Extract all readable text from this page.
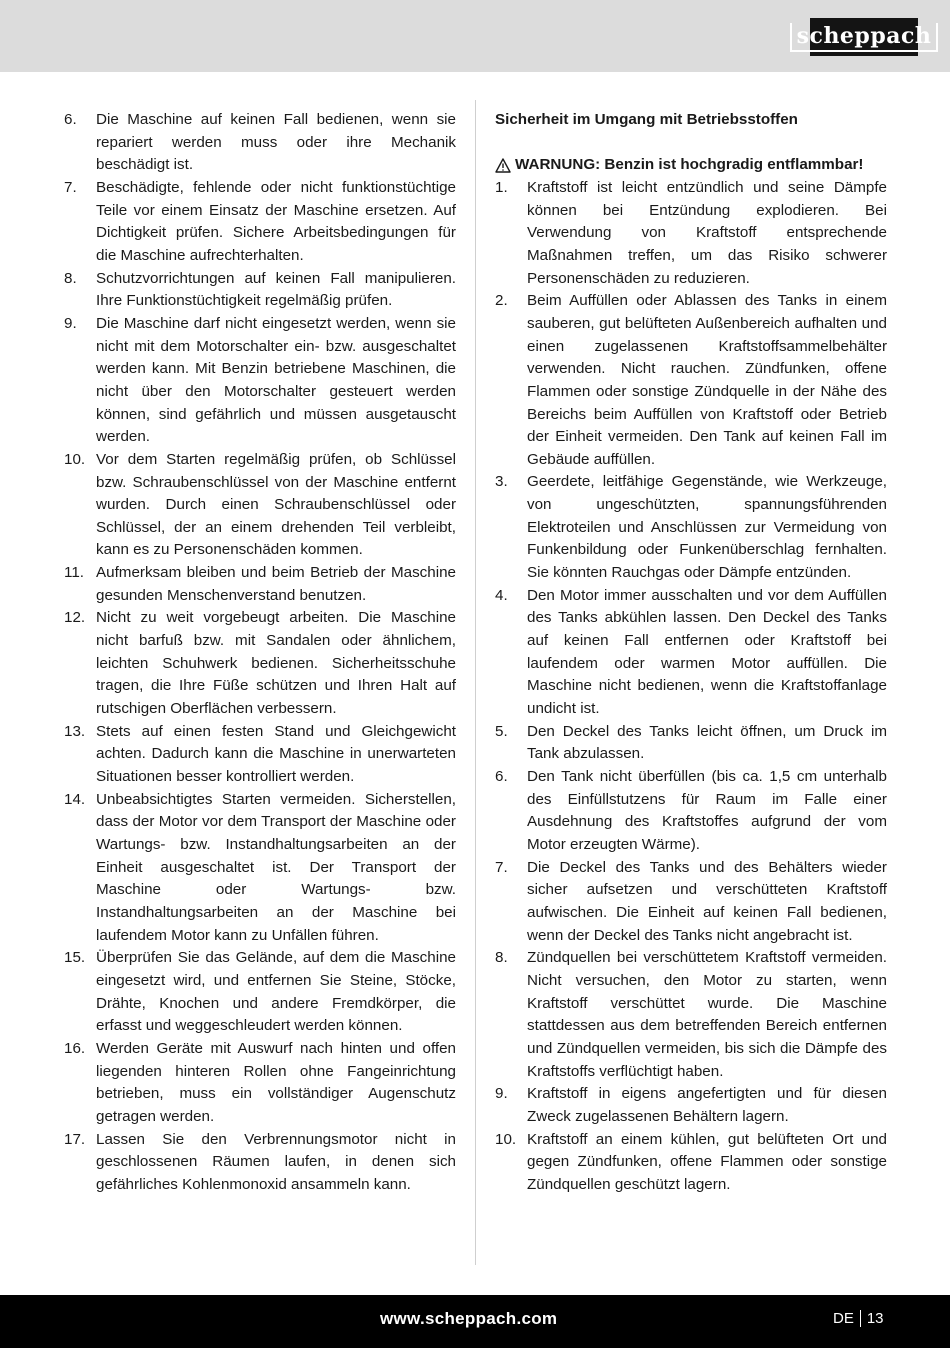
scheppach
6.	Die Maschine auf keinen Fall bedienen, wenn sie repariert werden muss oder ihre Mechanik beschädigt ist.
7.	Beschädigte, fehlende oder nicht funktionstüchtige Teile vor einem Einsatz der Maschine ersetzen. Auf Dichtigkeit prüfen. Sichere Arbeitsbedingungen für die Maschine aufrechterhalten.
8.	Schutzvorrichtungen auf keinen Fall manipulieren. Ihre Funktionstüchtigkeit regelmäßig prüfen.
9.	Die Maschine darf nicht eingesetzt werden, wenn sie nicht mit dem Motorschalter ein- bzw. ausgeschaltet werden kann. Mit Benzin betriebene Maschinen, die nicht über den Motorschalter gesteuert werden können, sind gefährlich und müssen ausgetauscht werden.
10. Vor dem Starten regelmäßig prüfen, ob Schlüssel bzw. Schraubenschlüssel von der Maschine entfernt wurden. Durch einen Schraubenschlüssel oder Schlüssel, der an einem drehenden Teil verbleibt, kann es zu Personenschäden kommen.
11. Aufmerksam bleiben und beim Betrieb der Maschine gesunden Menschenverstand benutzen.
12. Nicht zu weit vorgebeugt arbeiten. Die Maschine nicht barfuß bzw. mit Sandalen oder ähnlichem, leichten Schuhwerk bedienen. Sicherheitsschuhe tragen, die Ihre Füße schützen und Ihren Halt auf rutschigen Oberflächen verbessern.
13. Stets auf einen festen Stand und Gleichgewicht achten. Dadurch kann die Maschine in unerwarteten Situationen besser kontrolliert werden.
14. Unbeabsichtigtes Starten vermeiden. Sicherstellen, dass der Motor vor dem Transport der Maschine oder Wartungs- bzw. Instandhaltungsarbeiten an der Einheit ausgeschaltet ist. Der Transport der Maschine oder Wartungs- bzw. Instandhaltungsarbeiten an der Maschine bei laufendem Motor kann zu Unfällen führen.
15. Überprüfen Sie das Gelände, auf dem die Maschine eingesetzt wird, und entfernen Sie Steine, Stöcke, Drähte, Knochen und andere Fremdkörper, die erfasst und weggeschleudert werden können.
16. Werden Geräte mit Auswurf nach hinten und offen liegenden hinteren Rollen ohne Fangeinrichtung betrieben, muss ein vollständiger Augenschutz getragen werden.
17. Lassen Sie den Verbrennungsmotor nicht in geschlossenen Räumen laufen, in denen sich gefährliches Kohlenmonoxid ansammeln kann.
Sicherheit im Umgang mit Betriebsstoffen
WARNUNG: Benzin ist hochgradig entflammbar!
1.	Kraftstoff ist leicht entzündlich und seine Dämpfe können bei Entzündung explodieren. Bei Verwendung von Kraftstoff entsprechende Maßnahmen treffen, um das Risiko schwerer Personenschäden zu reduzieren.
2.	Beim Auffüllen oder Ablassen des Tanks in einem sauberen, gut belüfteten Außenbereich aufhalten und einen zugelassenen Kraftstoffsammelbehälter verwenden. Nicht rauchen. Zündfunken, offene Flammen oder sonstige Zündquelle in der Nähe des Bereichs beim Auffüllen von Kraftstoff oder Betrieb der Einheit vermeiden. Den Tank auf keinen Fall im Gebäude auffüllen.
3.	Geerdete, leitfähige Gegenstände, wie Werkzeuge, von ungeschützten, spannungsführenden Elektroteilen und Anschlüssen zur Vermeidung von Funkenbildung oder Funkenüberschlag fernhalten. Sie könnten Rauchgas oder Dämpfe entzünden.
4.	Den Motor immer ausschalten und vor dem Auffüllen des Tanks abkühlen lassen. Den Deckel des Tanks auf keinen Fall entfernen oder Kraftstoff bei laufendem oder warmen Motor auffüllen. Die Maschine nicht bedienen, wenn die Kraftstoffanlage undicht ist.
5.	Den Deckel des Tanks leicht öffnen, um Druck im Tank abzulassen.
6.	Den Tank nicht überfüllen (bis ca. 1,5 cm unterhalb des Einfüllstutzens für Raum im Falle einer Ausdehnung des Kraftstoffes aufgrund der vom Motor erzeugten Wärme).
7.	Die Deckel des Tanks und des Behälters wieder sicher aufsetzen und verschütteten Kraftstoff aufwischen. Die Einheit auf keinen Fall bedienen, wenn der Deckel des Tanks nicht angebracht ist.
8.	Zündquellen bei verschüttetem Kraftstoff vermeiden. Nicht versuchen, den Motor zu starten, wenn Kraftstoff verschüttet wurde. Die Maschine stattdessen aus dem betreffenden Bereich entfernen und Zündquellen vermeiden, bis sich die Dämpfe des Kraftstoffs verflüchtigt haben.
9.	Kraftstoff in eigens angefertigten und für diesen Zweck zugelassenen Behältern lagern.
10. Kraftstoff an einem kühlen, gut belüfteten Ort und gegen Zündfunken, offene Flammen oder sonstige Zündquellen geschützt lagern.
www.scheppach.com	DE 13
